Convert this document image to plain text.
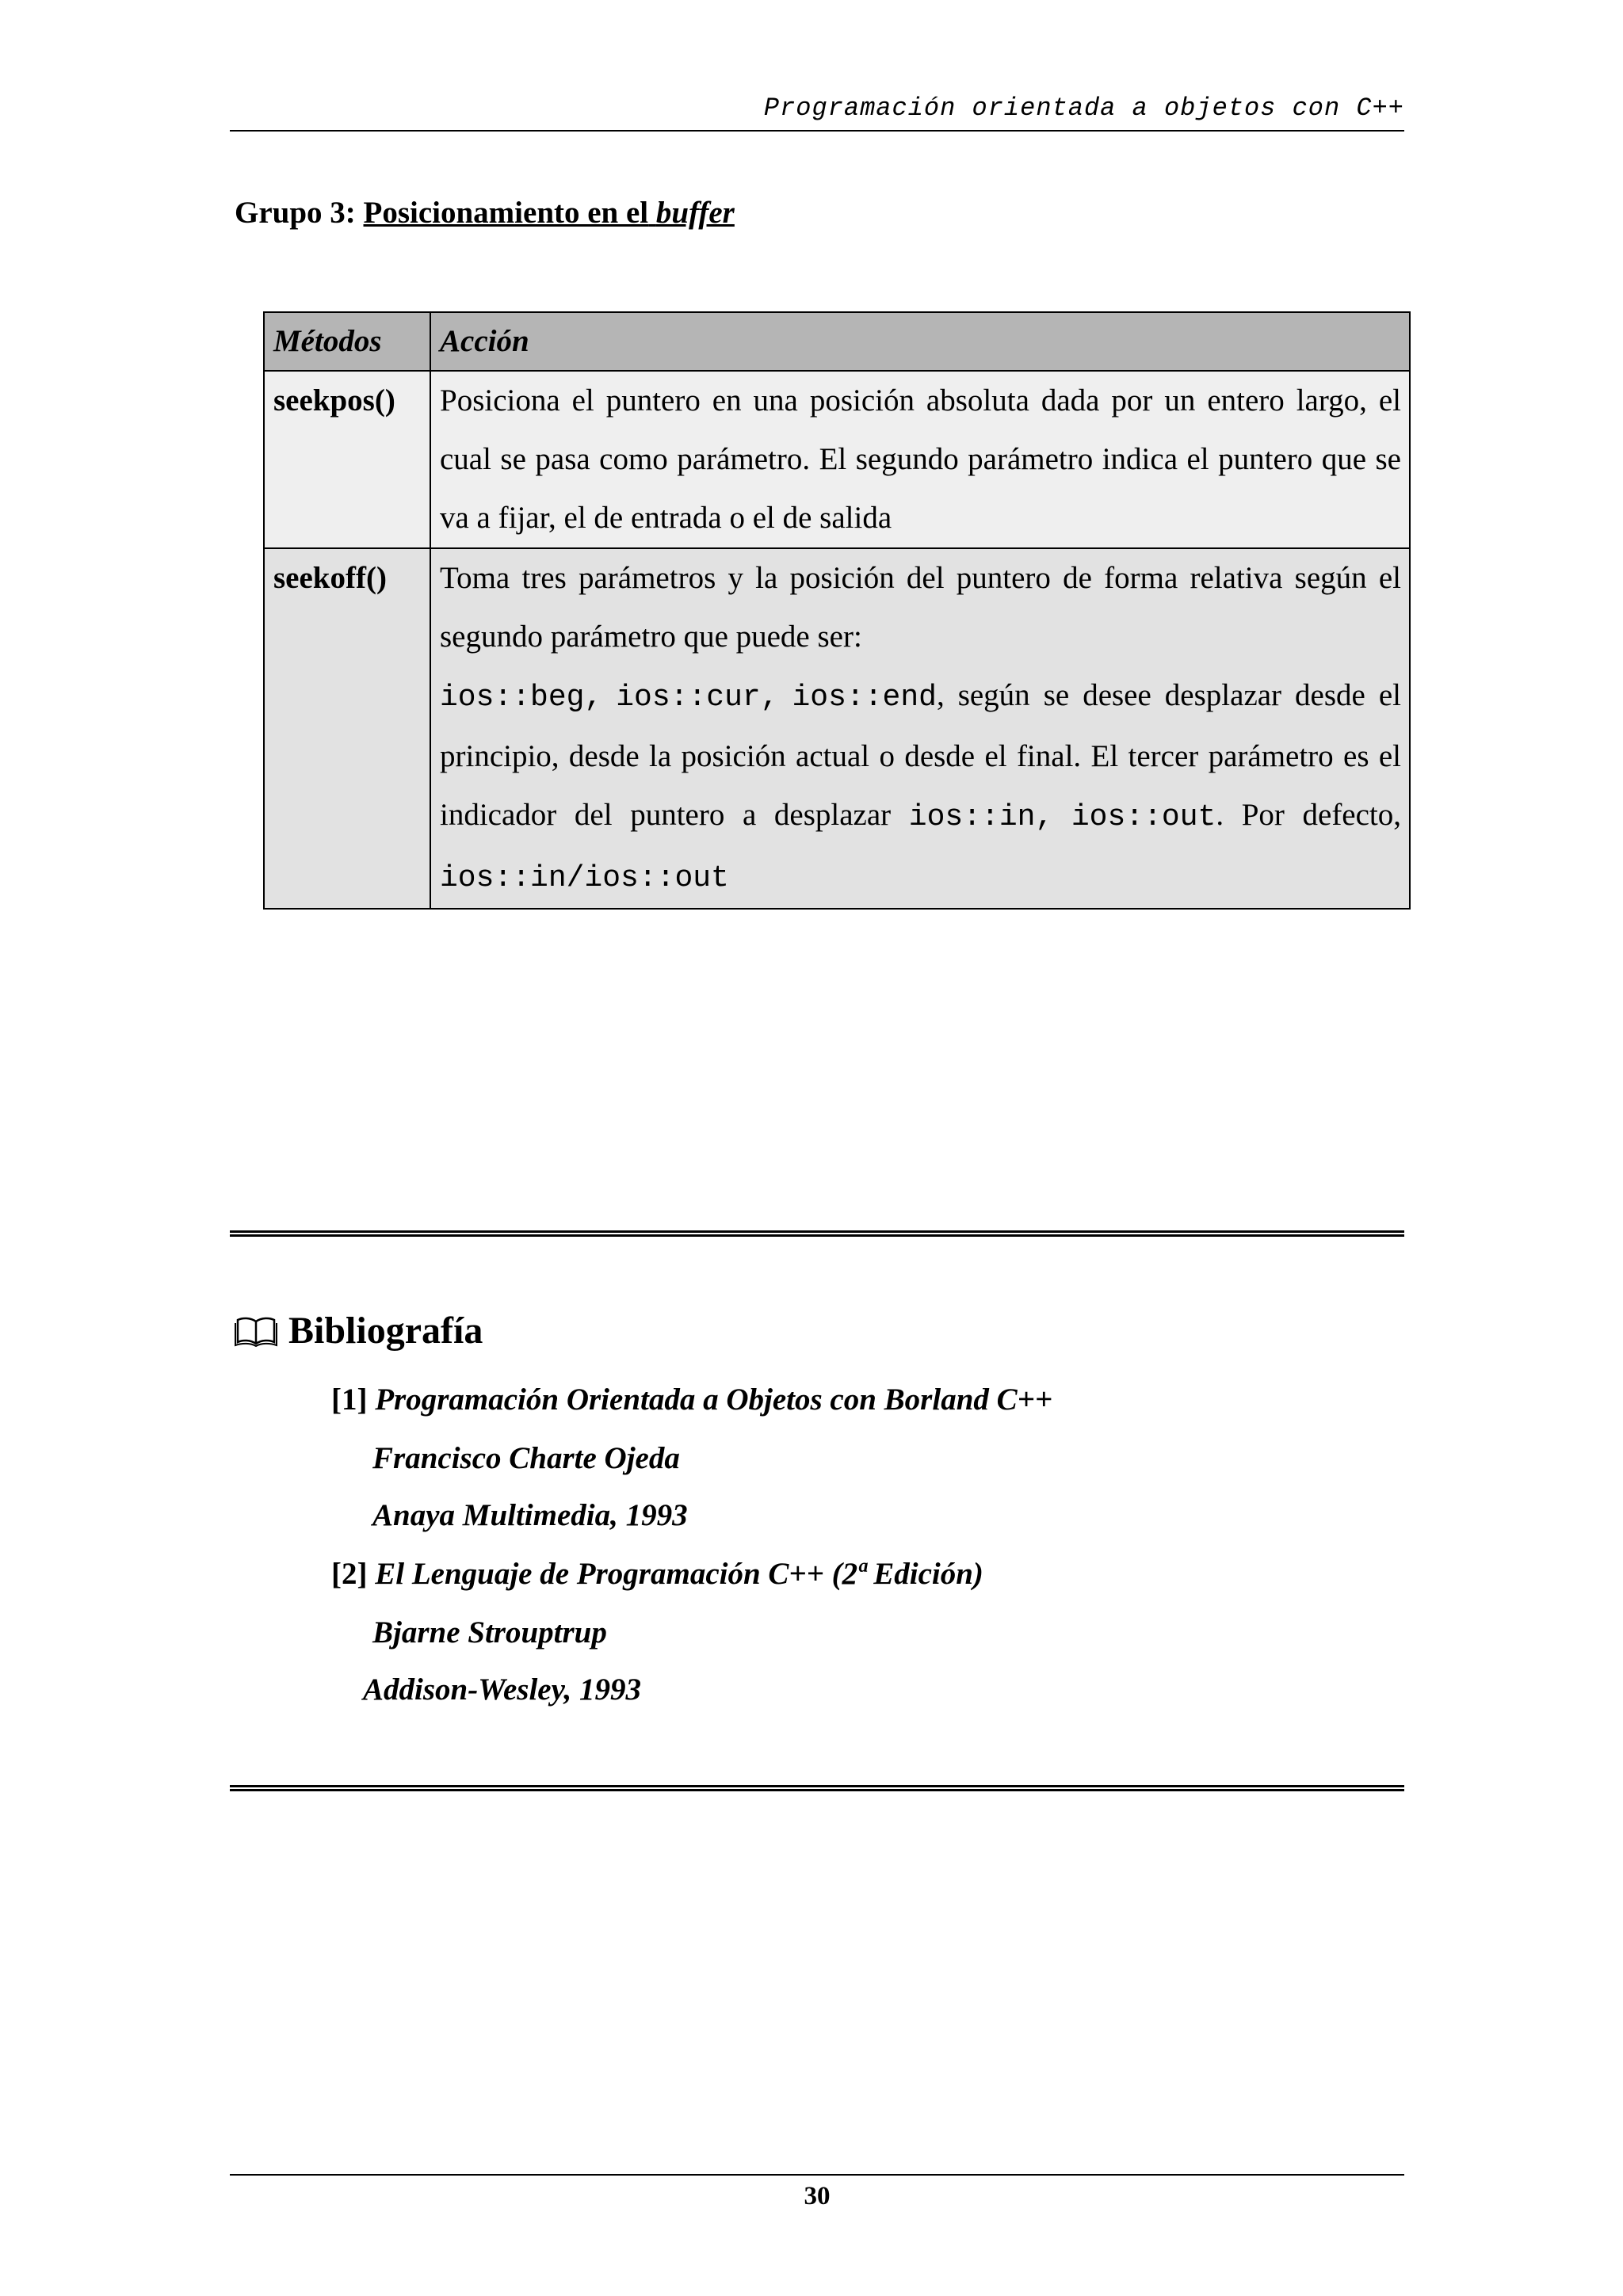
Programación orientada a objetos con C++
Grupo 3: Posicionamiento en el buffer
Métodos	Acción
seekpos()	Posiciona el puntero en una posición absoluta dada por un entero largo, el cual se pasa como parámetro. El segundo parámetro indica el puntero que se va a fijar, el de entrada o el de salida
seekoff()	Toma tres parámetros y la posición del puntero de forma relativa según el segundo parámetro que puede ser:
ios::beg, ios::cur, ios::end, según se desee desplazar desde el principio, desde la posición actual o desde el final. El tercer parámetro es el indicador del puntero a desplazar ios::in, ios::out. Por defecto, ios::in/ios::out
Bibliografía
[1] Programación Orientada a Objetos con Borland C++
Francisco Charte Ojeda
Anaya Multimedia, 1993
[2] El Lenguaje de Programación C++ (2ª Edición)
Bjarne Strouptrup
Addison-Wesley, 1993
30
